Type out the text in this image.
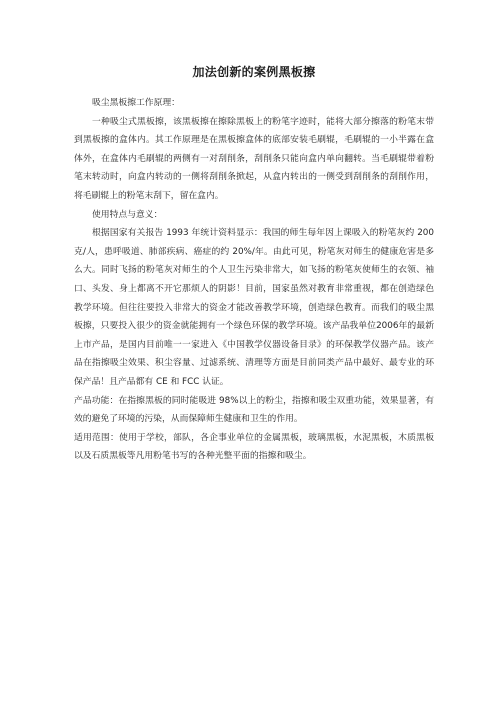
加法创新的案例黑板擦

吸尘黑板擦工作原理：

一种吸尘式黑板擦，该黑板擦在擦除黑板上的粉笔字迹时，能将大部分擦落的粉笔末带到黑板擦的盒体内。其工作原理是在黑板擦盒体的底部安装毛刷辊，毛刷辊的一小半露在盒体外，在盒体内毛刷辊的两侧有一对刮削条，刮削条只能向盒内单向翻转。当毛刷辊带着粉笔末转动时，向盒内转动的一侧将刮削条掀起，从盒内转出的一侧受到刮削条的刮削作用，将毛刷辊上的粉笔末刮下，留在盒内。

使用特点与意义：

根据国家有关报告 1993 年统计资料显示：我国的师生每年因上课吸入的粉笔灰约 200 克/人，患呼吸道、肺部疾病、癌症的约 20%/年。由此可见，粉笔灰对师生的健康危害是多么大。同时飞扬的粉笔灰对师生的个人卫生污染非常大，如飞扬的粉笔灰使师生的衣领、袖口、头发、身上都离不开它那烦人的阴影！目前，国家虽然对教育非常重视，都在创造绿色教学环境。但往往要投入非常大的资金才能改善教学环境，创造绿色教育。而我们的吸尘黑板擦，只要投入很少的资金就能拥有一个绿色环保的教学环境。该产品我单位2006年的最新上市产品，是国内目前唯一一家进入《中国教学仪器设备目录》的环保教学仪器产品。该产品在指擦吸尘效果、积尘容量、过滤系统、清理等方面是目前同类产品中最好、最专业的环保产品！且产品都有 CE 和 FCC 认证。

产品功能：在指擦黑板的同时能吸进 98%以上的粉尘，指擦和吸尘双重功能，效果显著，有效的避免了环境的污染，从而保障师生健康和卫生的作用。

适用范围：使用于学校，部队，各企事业单位的金属黑板，玻璃黑板，水泥黑板，木质黑板以及石质黑板等凡用粉笔书写的各种光整平面的指擦和吸尘。
